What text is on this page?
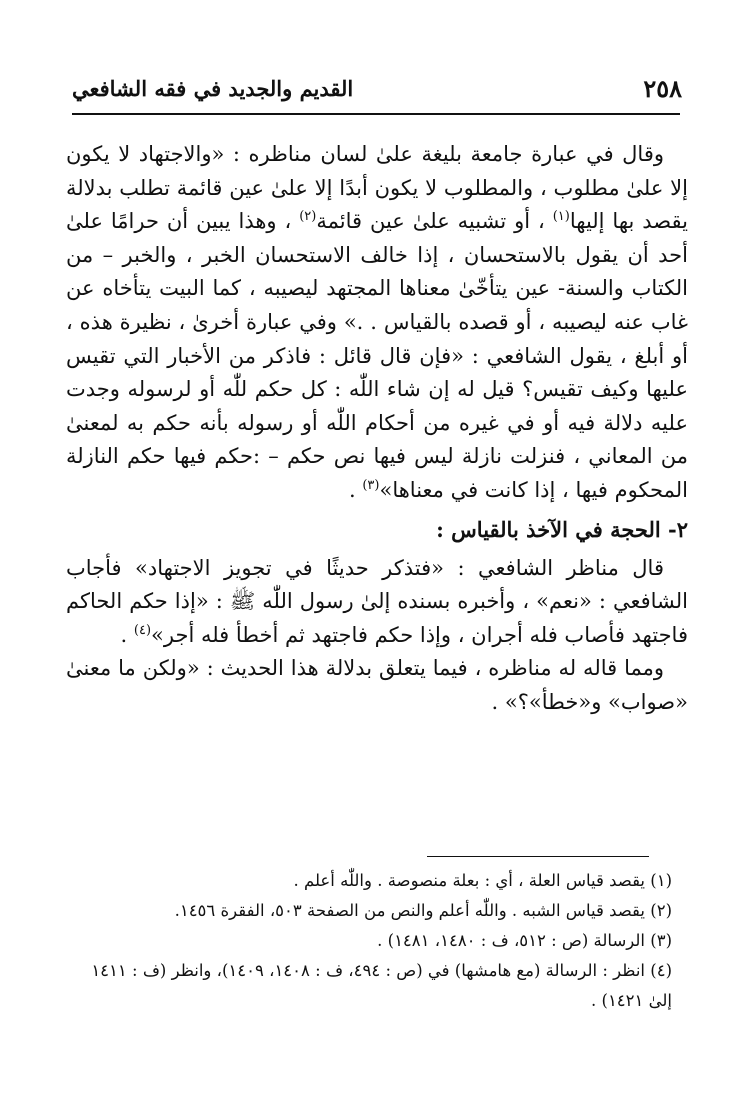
٢٥٨
القديم والجديد في فقه الشافعي

وقال في عبارة جامعة بليغة علىٰ لسان مناظره : «والاجتهاد لا يكون إلا علىٰ مطلوب ، والمطلوب لا يكون أبدًا إلا علىٰ عين قائمة تطلب بدلالة يقصد بها إليها$^{(١)}$ ، أو تشبيه علىٰ عين قائمة$^{(٢)}$ ، وهذا يبين أن حرامًا علىٰ أحد أن يقول بالاستحسان ، إذا خالف الاستحسان الخبر ، والخبر – من الكتاب والسنة- عين يتأخّىٰ معناها المجتهد ليصيبه ، كما البيت يتأخاه عن غاب عنه ليصيبه ، أو قصده بالقياس . .» وفي عبارة أخرىٰ ، نظيرة هذه ، أو أبلغ ، يقول الشافعي : «فإن قال قائل : فاذكر من الأخبار التي تقيس عليها وكيف تقيس؟ قيل له إن شاء اللّٰه : كل حكم للّٰه أو لرسوله وجدت عليه دلالة فيه أو في غيره من أحكام اللّٰه أو رسوله بأنه حكم به لمعنىٰ من المعاني ، فنزلت نازلة ليس فيها نص حكم – :حكم فيها حكم النازلة المحكوم فيها ، إذا كانت في معناها»$^{(٣)}$ .

٢- الحجة في الآخذ بالقياس :

قال مناظر الشافعي : «فتذكر حديثًا في تجويز الاجتهاد» فأجاب الشافعي : «نعم» ، وأخبره بسنده إلىٰ رسول اللّٰه ﷺ : «إذا حكم الحاكم فاجتهد فأصاب فله أجران ، وإذا حكم فاجتهد ثم أخطأ فله أجر»$^{(٤)}$ .

ومما قاله له مناظره ، فيما يتعلق بدلالة هذا الحديث : «ولكن ما معنىٰ «صواب» و«خطأ»؟» .

(١) يقصد قياس العلة ، أي : بعلة منصوصة . واللّٰه أعلم .

(٢) يقصد قياس الشبه . واللّٰه أعلم والنص من الصفحة ٥٠٣، الفقرة ١٤٥٦.

(٣) الرسالة (ص : ٥١٢، ف : ١٤٨٠، ١٤٨١) .

(٤) انظر : الرسالة (مع هامشها) في (ص : ٤٩٤، ف : ١٤٠٨، ١٤٠٩)، وانظر (ف : ١٤١١ إلىٰ ١٤٢١) .
